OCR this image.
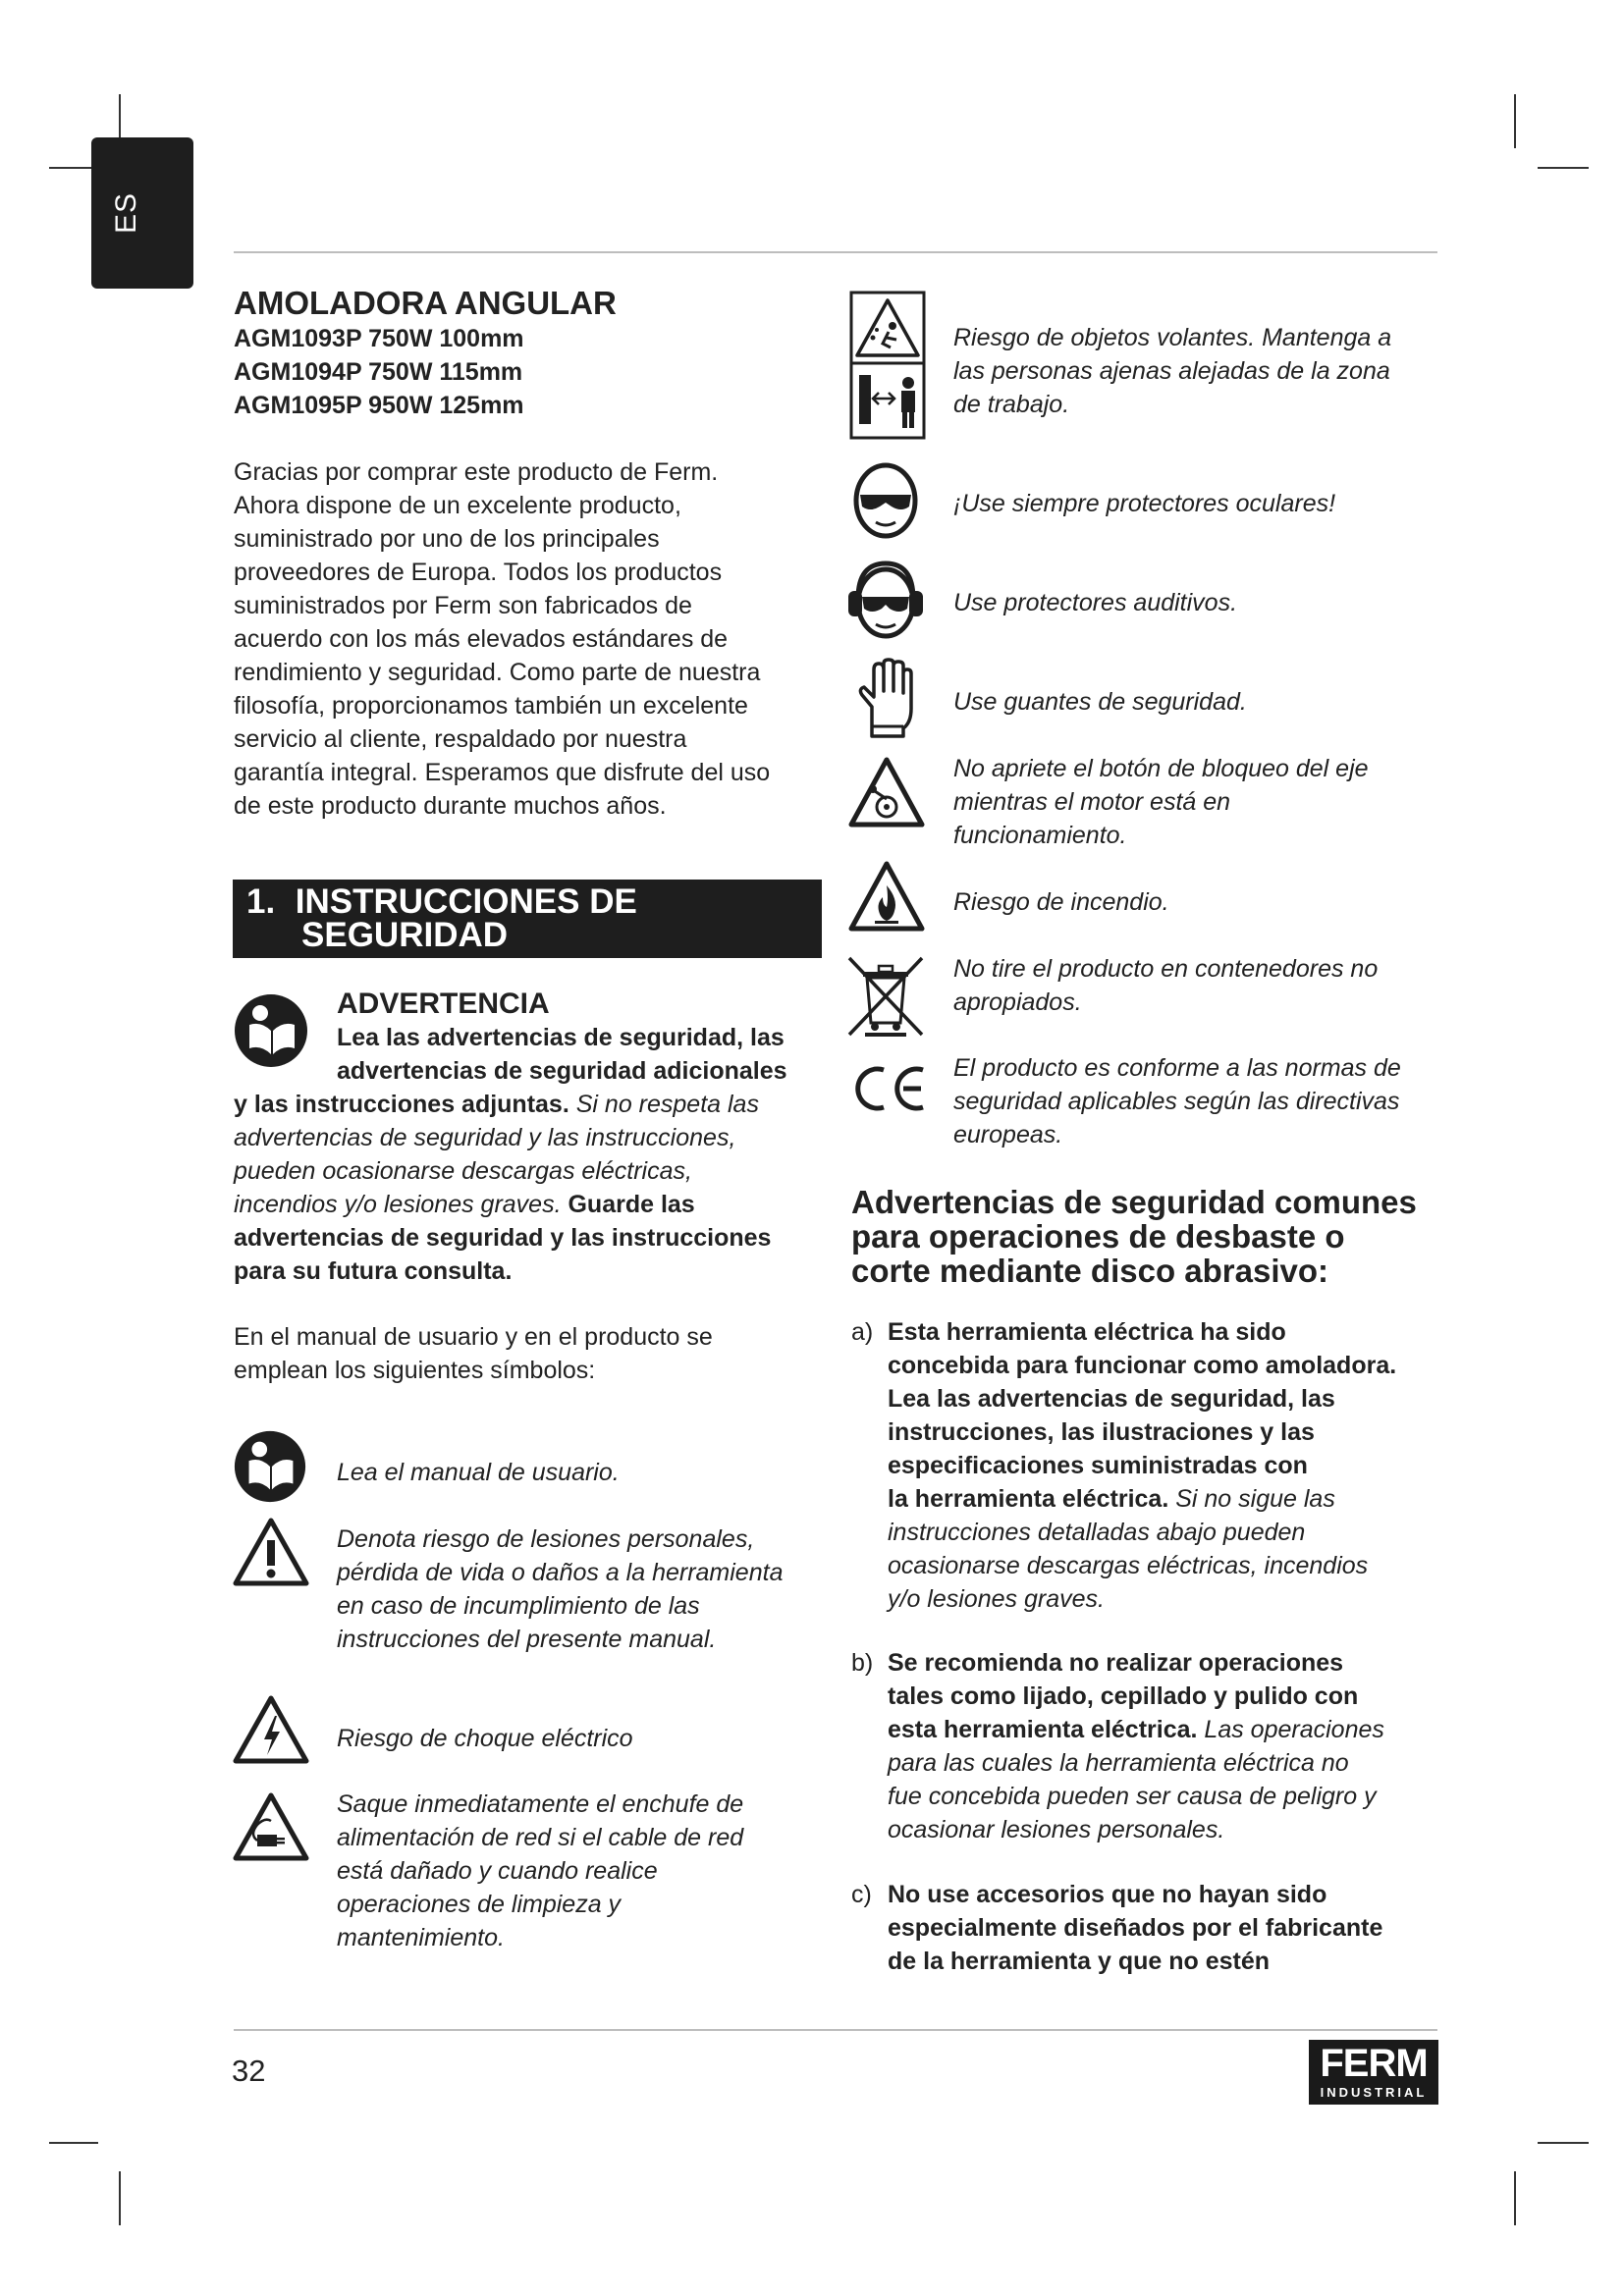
ES
AMOLADORA ANGULAR
AGM1093P 750W 100mm
AGM1094P 750W 115mm
AGM1095P 950W 125mm
Gracias por comprar este producto de Ferm.
Ahora dispone de un excelente producto,
suministrado por uno de los principales
proveedores de Europa. Todos los productos
suministrados por Ferm son fabricados de
acuerdo con los más elevados estándares de
rendimiento y seguridad. Como parte de nuestra
filosofía, proporcionamos también un excelente
servicio al cliente, respaldado por nuestra
garantía integral. Esperamos que disfrute del uso
de este producto durante muchos años.
1. INSTRUCCIONES DE
SEGURIDAD
ADVERTENCIA
Lea las advertencias de seguridad, las
advertencias de seguridad adicionales
y las instrucciones adjuntas. Si no respeta las
advertencias de seguridad y las instrucciones,
pueden ocasionarse descargas eléctricas,
incendios y/o lesiones graves. Guarde las
advertencias de seguridad y las instrucciones
para su futura consulta.
En el manual de usuario y en el producto se
emplean los siguientes símbolos:
Lea el manual de usuario.
Denota riesgo de lesiones personales,
pérdida de vida o daños a la herramienta
en caso de incumplimiento de las
instrucciones del presente manual.
Riesgo de choque eléctrico
Saque inmediatamente el enchufe de
alimentación de red si el cable de red
está dañado y cuando realice
operaciones de limpieza y
mantenimiento.
Riesgo de objetos volantes. Mantenga a
las personas ajenas alejadas de la zona
de trabajo.
¡Use siempre protectores oculares!
Use protectores auditivos.
Use guantes de seguridad.
No apriete el botón de bloqueo del eje
mientras el motor está en
funcionamiento.
Riesgo de incendio.
No tire el producto en contenedores no
apropiados.
El producto es conforme a las normas de
seguridad aplicables según las directivas
europeas.
Advertencias de seguridad comunes
para operaciones de desbaste o
corte mediante disco abrasivo:
a) Esta herramienta eléctrica ha sido
concebida para funcionar como amoladora.
Lea las advertencias de seguridad, las
instrucciones, las ilustraciones y las
especificaciones suministradas con
la herramienta eléctrica. Si no sigue las
instrucciones detalladas abajo pueden
ocasionarse descargas eléctricas, incendios
y/o lesiones graves.
b) Se recomienda no realizar operaciones
tales como lijado, cepillado y pulido con
esta herramienta eléctrica. Las operaciones
para las cuales la herramienta eléctrica no
fue concebida pueden ser causa de peligro y
ocasionar lesiones personales.
c) No use accesorios que no hayan sido
especialmente diseñados por el fabricante
de la herramienta y que no estén
32	FERM
INDUSTRIAL
